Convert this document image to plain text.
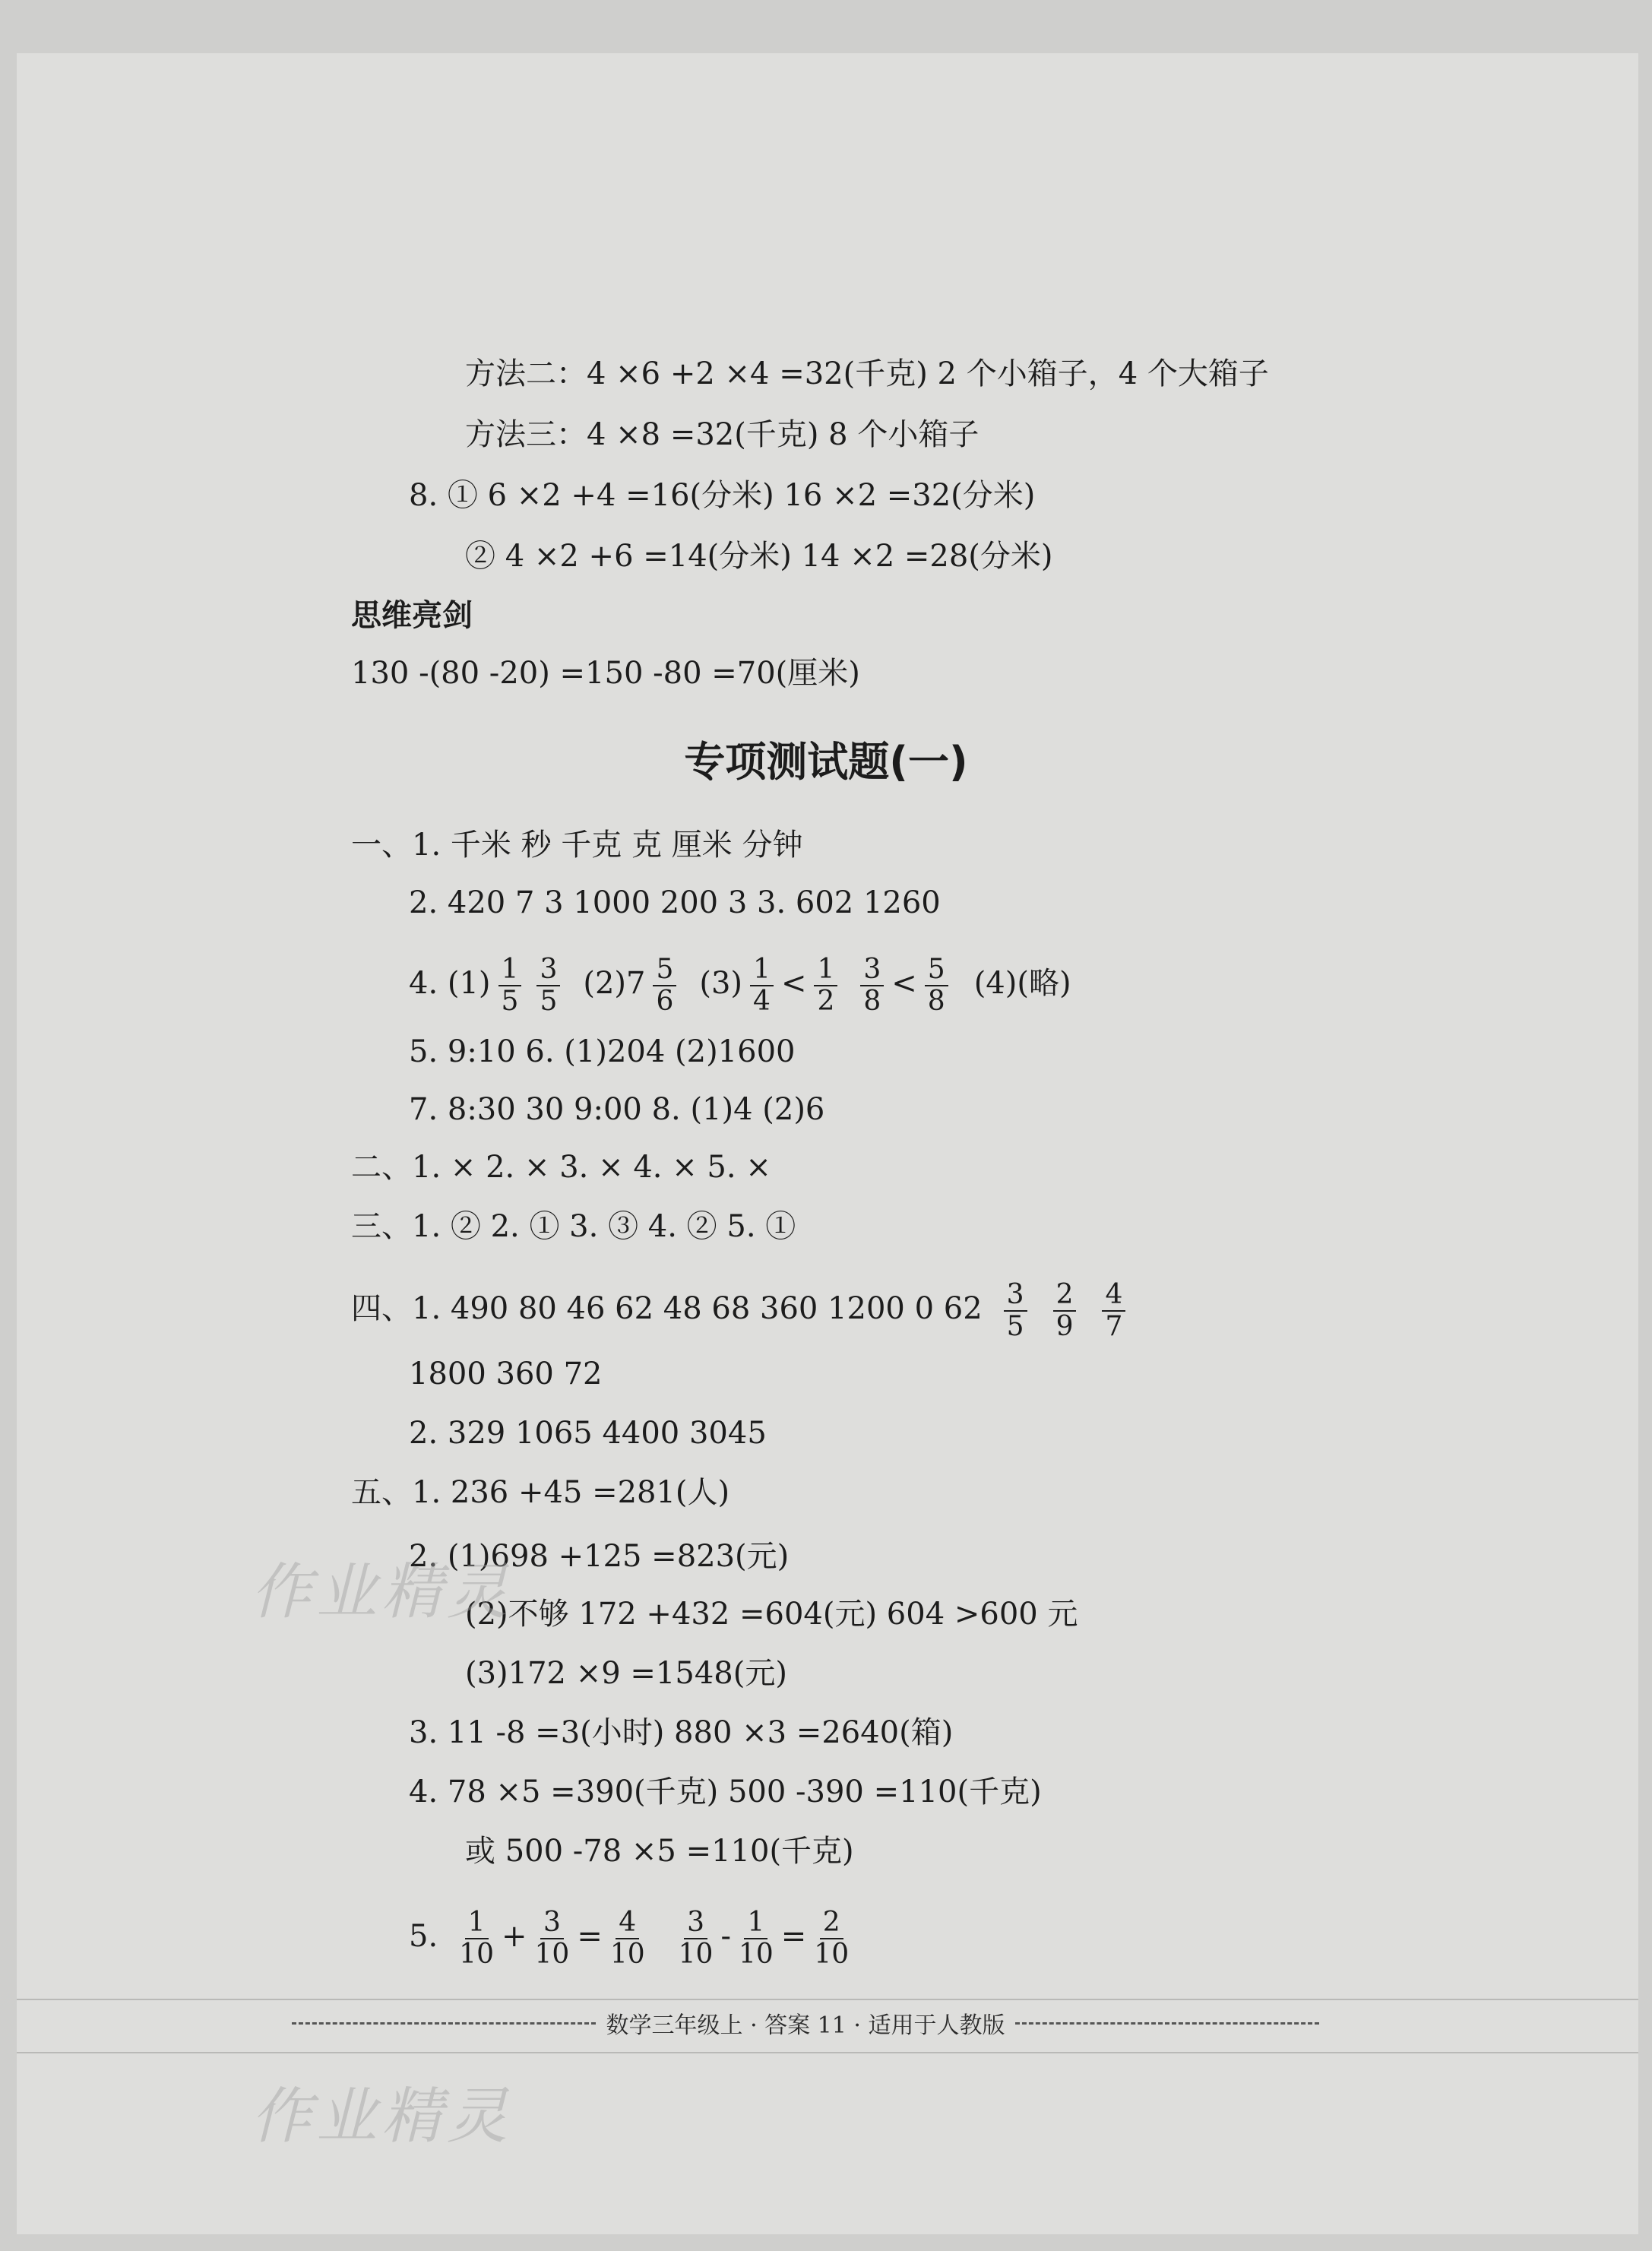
方法二：4 ×6 +2 ×4 =32(千克) 2 个小箱子，4 个大箱子
方法三：4 ×8 =32(千克) 8 个小箱子
8. ① 6 ×2 +4 =16(分米) 16 ×2 =32(分米)
② 4 ×2 +6 =14(分米) 14 ×2 =28(分米)
思维亮剑
130 -(80 -20) =150 -80 =70(厘米)
专项测试题(一)
一、1. 千米 秒 千克 克 厘米 分钟
2. 420 7 3 1000 200 3 3. 602 1260
4. $(1) \frac{1}{5} \frac{3}{5} (2)7 \frac{5}{6} (3) \frac{1}{4} < \frac{1}{2} \frac{3}{8} < \frac{5}{8} (4)$(略)
5. 9:10 6. (1)204 (2)1600
7. 8:30 30 9:00 8. (1)4 (2)6
二、1. × 2. × 3. × 4. × 5. ×
三、1. ② 2. ① 3. ③ 4. ② 5. ①
四、1. 490 80 46 62 48 68 360 1200 0 $62 \frac{3}{5} \frac{2}{9} \frac{4}{7}$
1800 360 72
2. 329 1065 4400 3045
五、1. 236 +45 =281(人)
2. (1)698 +125 =823(元)
(2)不够 172 +432 =604(元) 604 >600 元
(3)172 ×9 =1548(元)
3. 11 -8 =3(小时) 880 ×3 =2640(箱)
4. 78 ×5 =390(千克) 500 -390 =110(千克)
或 500 -78 ×5 =110(千克)
5. $\frac{1}{10} + \frac{3}{10} = \frac{4}{10} \frac{3}{10} - \frac{1}{10} = \frac{2}{10}$
数学三年级上 · 答案 11 · 适用于人教版
作业精灵
作业精灵
